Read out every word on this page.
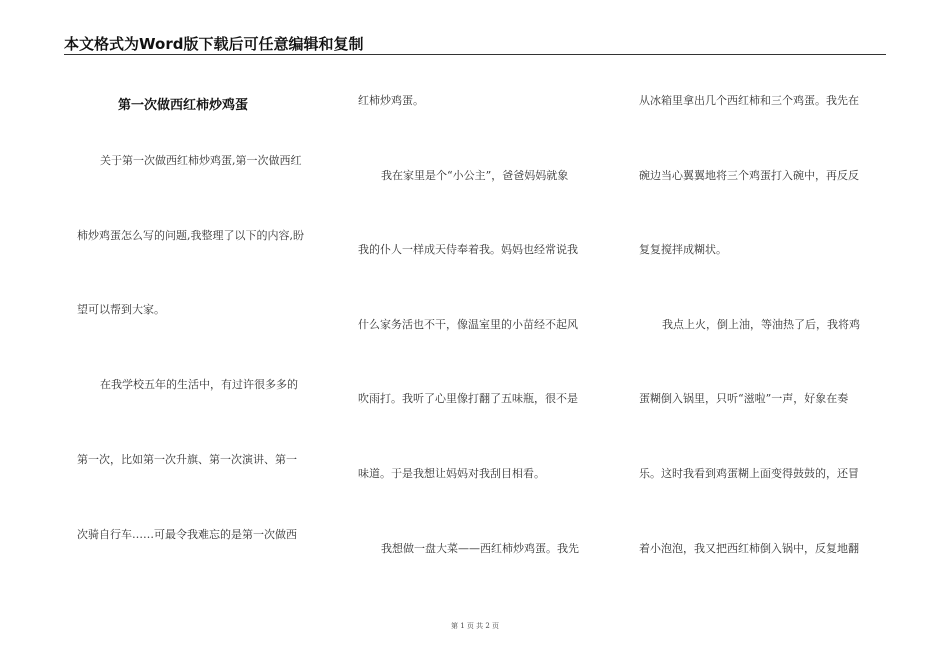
本文格式为Word版下载后可任意编辑和复制
第一次做西红柿炒鸡蛋
关于第一次做西红柿炒鸡蛋,第一次做西红
柿炒鸡蛋怎么写的问题,我整理了以下的内容,盼
望可以帮到大家。
在我学校五年的生活中，有过许很多多的
第一次，比如第一次升旗、第一次演讲、第一
次骑自行车……可最令我难忘的是第一次做西
红柿炒鸡蛋。
我在家里是个“小公主”，爸爸妈妈就象
我的仆人一样成天侍奉着我。妈妈也经常说我
什么家务活也不干，像温室里的小苗经不起风
吹雨打。我听了心里像打翻了五味瓶，很不是
味道。于是我想让妈妈对我刮目相看。
我想做一盘大菜——西红柿炒鸡蛋。我先
从冰箱里拿出几个西红柿和三个鸡蛋。我先在
碗边当心翼翼地将三个鸡蛋打入碗中，再反反
复复搅拌成糊状。
我点上火，倒上油，等油热了后，我将鸡
蛋糊倒入锅里，只听“滋啦”一声，好象在奏
乐。这时我看到鸡蛋糊上面变得鼓鼓的，还冒
着小泡泡，我又把西红柿倒入锅中，反复地翻
第 1 页 共 2 页
